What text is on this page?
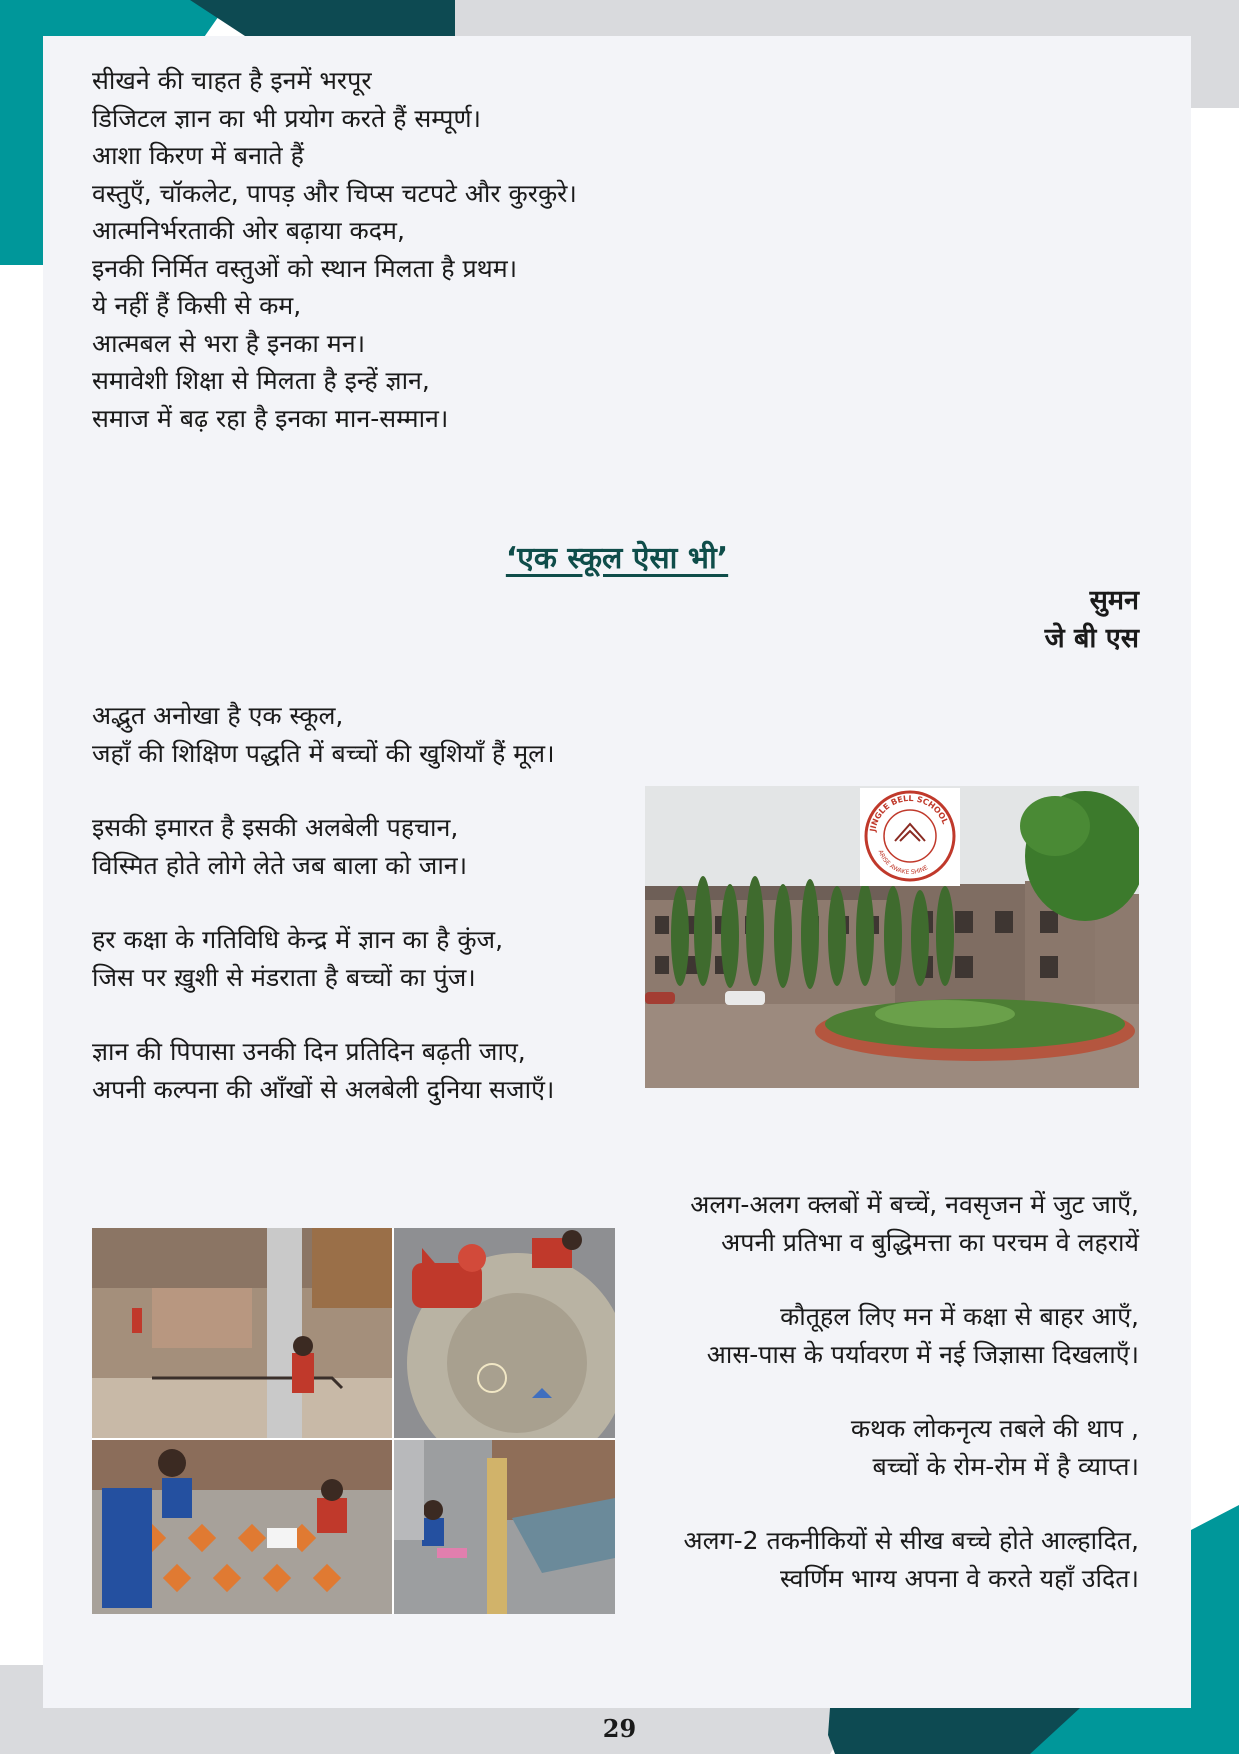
सीखने की चाहत है इनमें भरपूर
डिजिटल ज्ञान का भी प्रयोग करते हैं सम्पूर्ण।
आशा किरण में बनाते हैं
वस्तुएँ, चॉकलेट, पापड़ और चिप्स चटपटे और कुरकुरे।
आत्मनिर्भरताकी ओर बढ़ाया कदम,
इनकी निर्मित वस्तुओं को स्थान मिलता है प्रथम।
ये नहीं हैं किसी से कम,
आत्मबल से भरा है इनका मन।
समावेशी शिक्षा से मिलता है इन्हें ज्ञान,
समाज में बढ़ रहा है इनका मान-सम्मान।
‘एक स्कूल ऐसा भी’
सुमन
जे बी एस
अद्भुत अनोखा है एक स्कूल,
जहाँ की शिक्षिण पद्धति में बच्चों की खुशियाँ हैं मूल।
इसकी इमारत है इसकी अलबेली पहचान,
विस्मित होते लोगे लेते जब बाला को जान।
हर कक्षा के गतिविधि केन्द्र में ज्ञान का है कुंज,
जिस पर ख़ुशी से मंडराता है बच्चों का पुंज।
ज्ञान की पिपासा उनकी दिन प्रतिदिन बढ़ती जाए,
अपनी कल्पना की आँखों से अलबेली दुनिया सजाएँ।
अलग-अलग क्लबों में बच्चें, नवसृजन में जुट जाएँ,
अपनी प्रतिभा व बुद्धिमत्ता का परचम वे लहरायें
कौतूहल लिए मन में कक्षा से बाहर आएँ,
आस-पास के पर्यावरण में नई जिज्ञासा दिखलाएँ।
कथक लोकनृत्य तबले की थाप ,
बच्चों के रोम-रोम में है व्याप्त।
अलग-2 तकनीकियों से सीख बच्चे होते आल्हादित,
स्वर्णिम भाग्य अपना वे करते यहाँ उदित।
JINGLE BELL SCHOOL
ARISE AWAKE SHINE
29
